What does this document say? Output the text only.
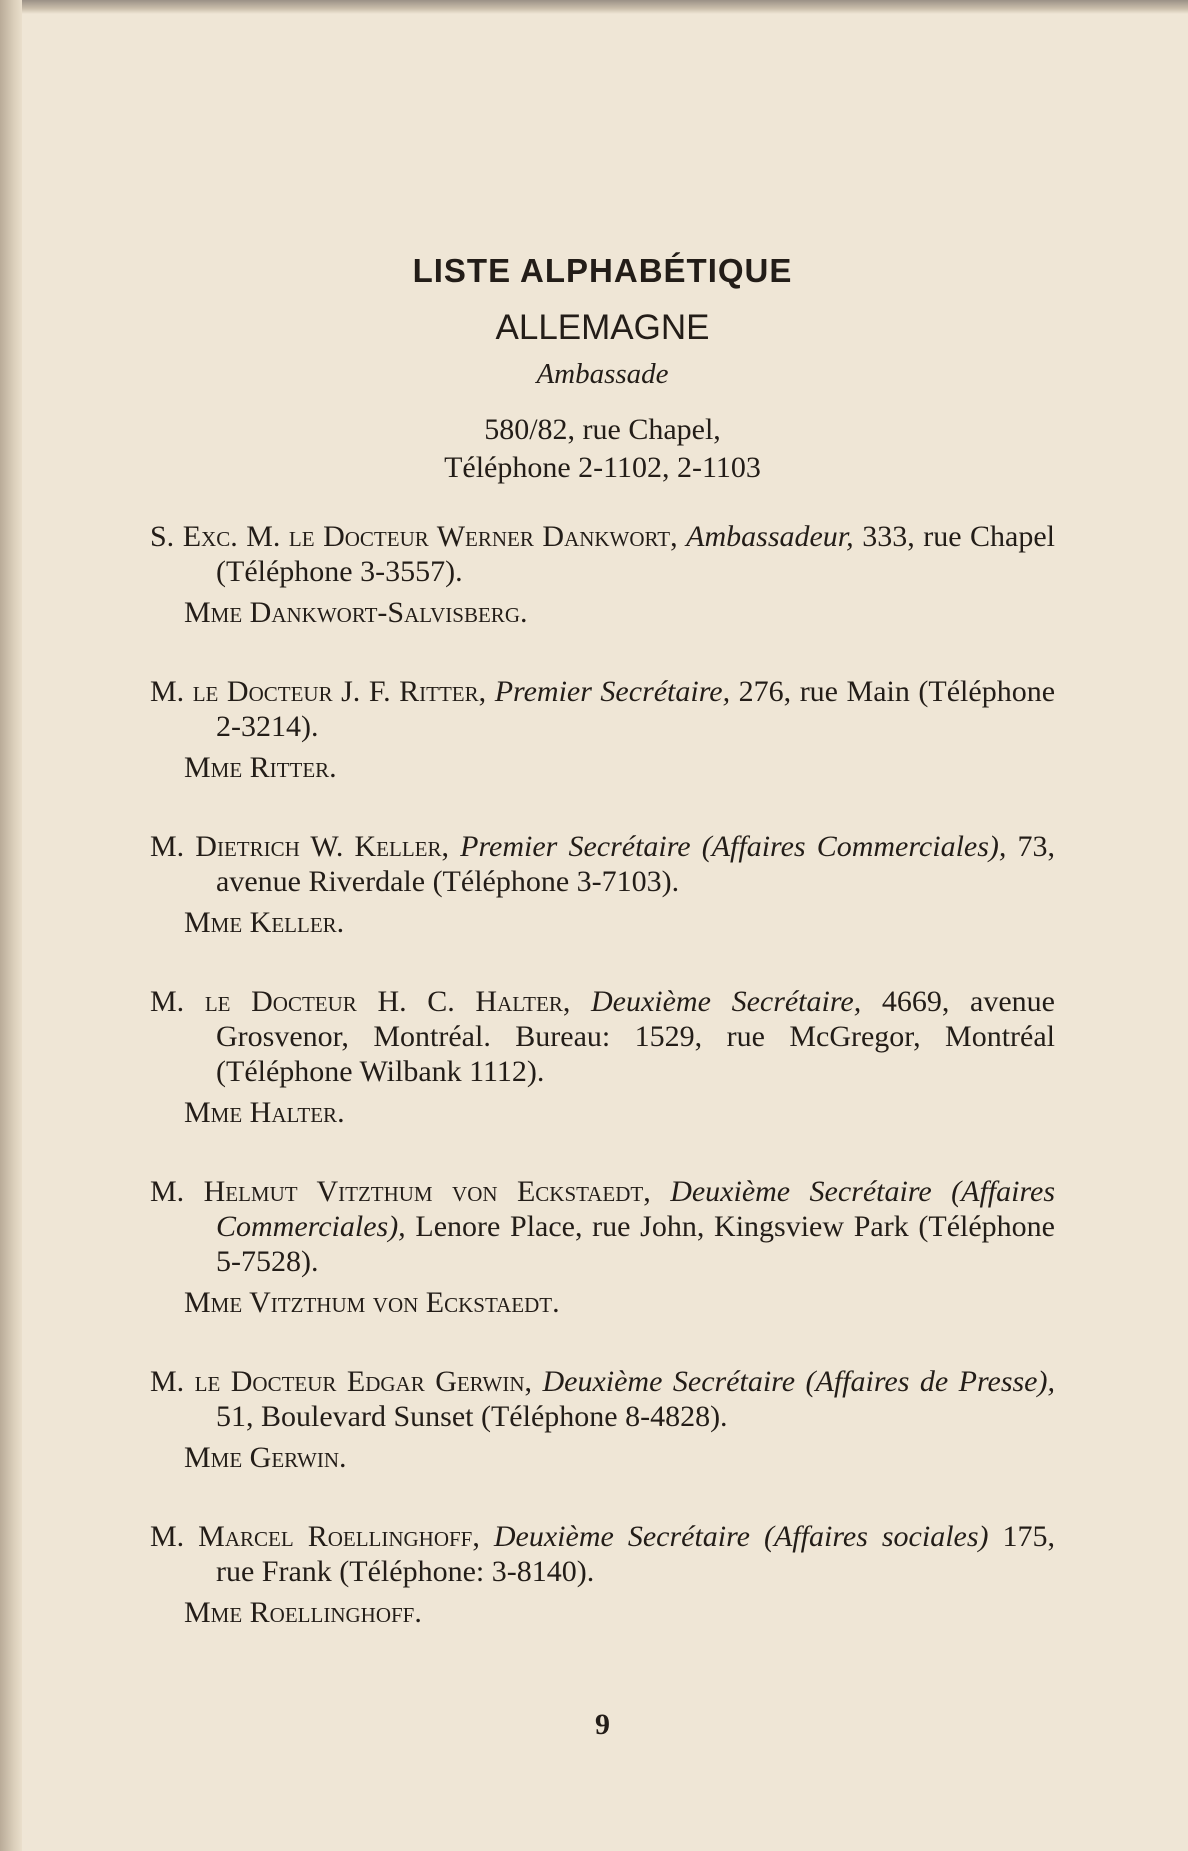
LISTE ALPHABÉTIQUE
ALLEMAGNE
Ambassade
580/82, rue Chapel,
Téléphone 2-1102, 2-1103
S. Exc. M. le Docteur Werner Dankwort, Ambassadeur, 333, rue Chapel (Téléphone 3-3557).
Mme Dankwort-Salvisberg.
M. le Docteur J. F. Ritter, Premier Secrétaire, 276, rue Main (Téléphone 2-3214).
Mme Ritter.
M. Dietrich W. Keller, Premier Secrétaire (Affaires Commerciales), 73, avenue Riverdale (Téléphone 3-7103).
Mme Keller.
M. le Docteur H. C. Halter, Deuxième Secrétaire, 4669, avenue Grosvenor, Montréal. Bureau: 1529, rue McGregor, Montréal (Téléphone Wilbank 1112).
Mme Halter.
M. Helmut Vitzthum von Eckstaedt, Deuxième Secrétaire (Affaires Commerciales), Lenore Place, rue John, Kingsview Park (Téléphone 5-7528).
Mme Vitzthum von Eckstaedt.
M. le Docteur Edgar Gerwin, Deuxième Secrétaire (Affaires de Presse), 51, Boulevard Sunset (Téléphone 8-4828).
Mme Gerwin.
M. Marcel Roellinghoff, Deuxième Secrétaire (Affaires sociales) 175, rue Frank (Téléphone: 3-8140).
Mme Roellinghoff.
9
